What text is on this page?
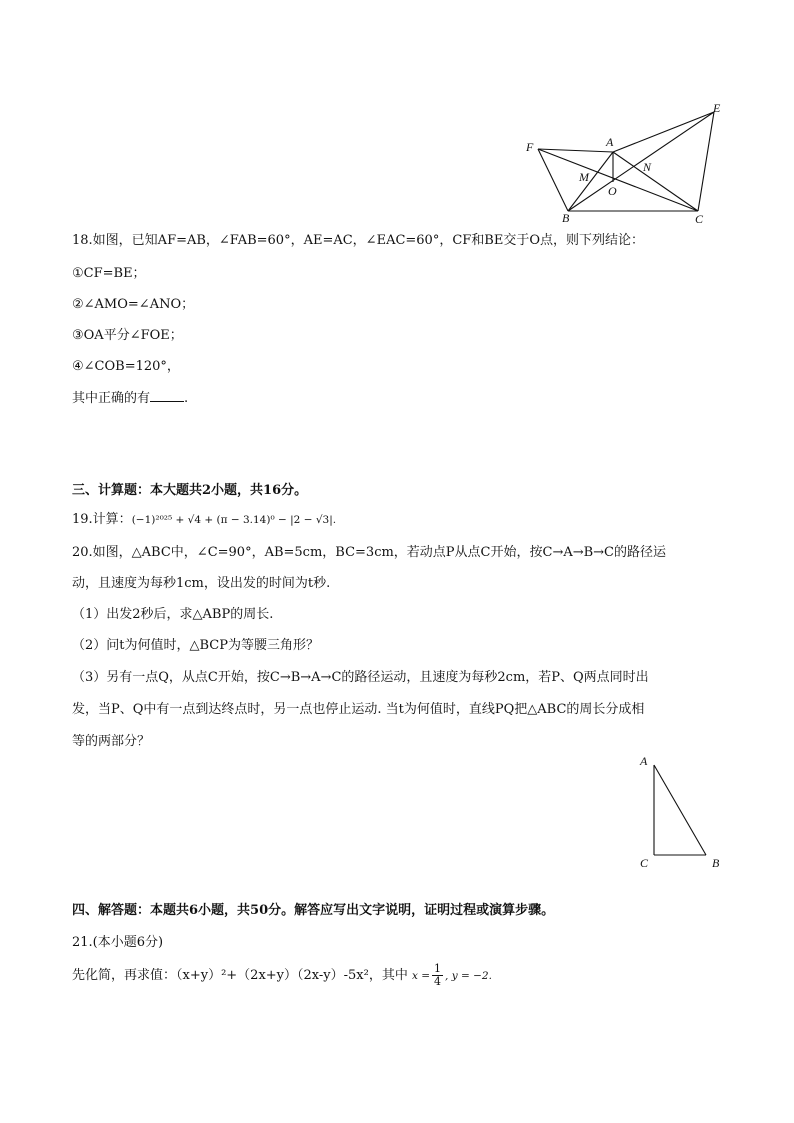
E
F	A
N
M
O
B	C
18.如图，已知AF=AB，∠FAB=60°，AE=AC，∠EAC=60°，CF和BE交于O点，则下列结论：
①CF=BE；
②∠AMO=∠ANO；
③OA平分∠FOE；
④∠COB=120°，
其中正确的有	.
三、计算题：本大题共2小题，共16分。
19.计算：(−1)²⁰²⁵ + √4 + (π − 3.14)⁰ − |2 − √3|.
20.如图，△ABC中，∠C=90°，AB=5cm，BC=3cm，若动点P从点C开始，按C→A→B→C的路径运
动，且速度为每秒1cm，设出发的时间为t秒.
（1）出发2秒后，求△ABP的周长.
（2）问t为何值时，△BCP为等腰三角形？
（3）另有一点Q，从点C开始，按C→B→A→C的路径运动，且速度为每秒2cm，若P、Q两点同时出
发，当P、Q中有一点到达终点时，另一点也停止运动. 当t为何值时，直线PQ把△ABC的周长分成相
等的两部分？
A
C	B
四、解答题：本题共6小题，共50分。解答应写出文字说明，证明过程或演算步骤。
21.(本小题6分)
先化简，再求值：（x+y）²+（2x+y）（2x-y）-5x²，其中 $x = \frac{1}{4}$ , y = −2.
